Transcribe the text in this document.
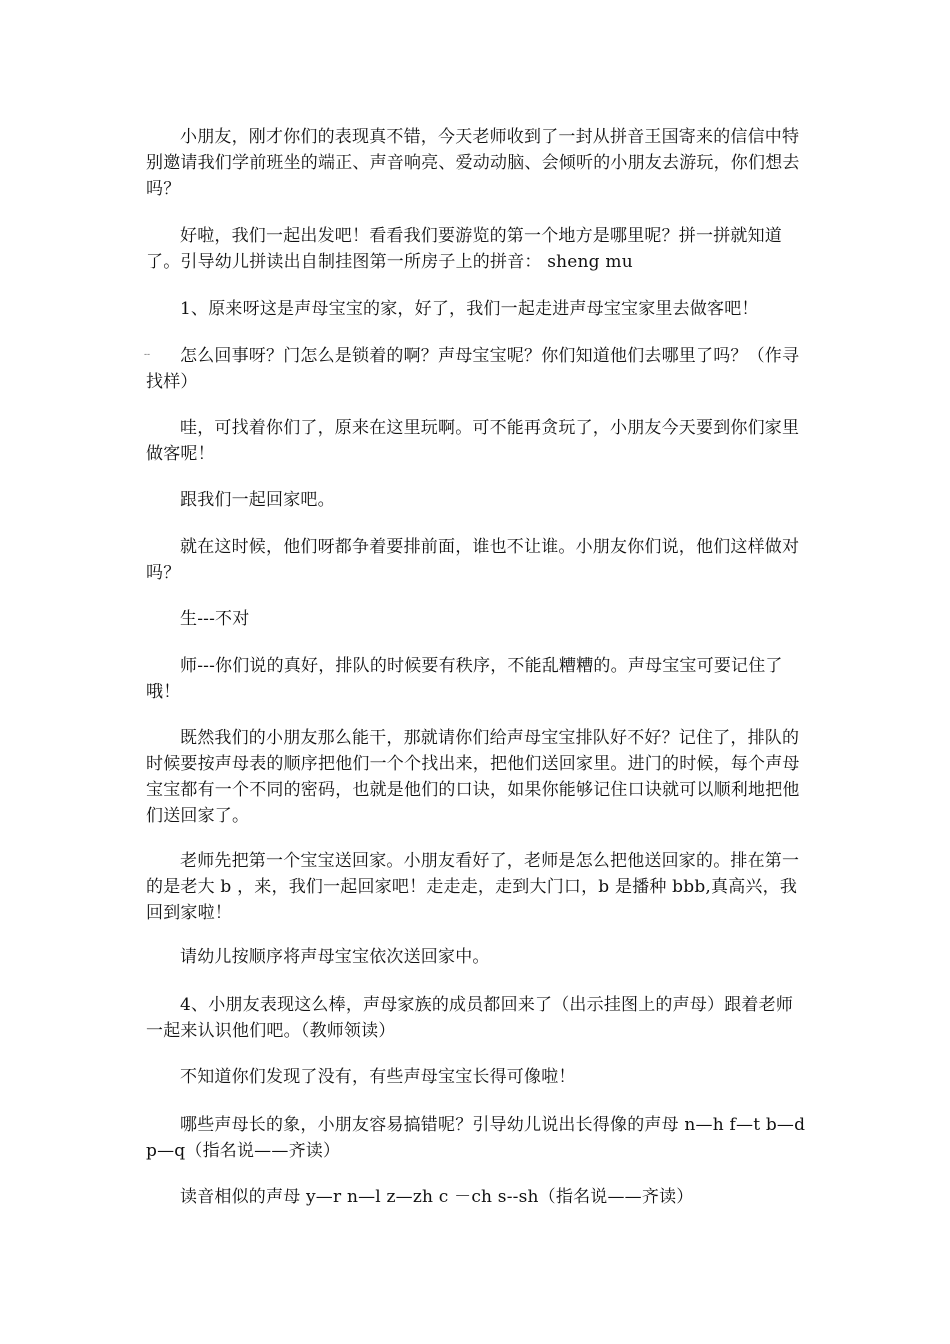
小朋友，刚才你们的表现真不错，今天老师收到了一封从拼音王国寄来的信信中特别邀请我们学前班坐的端正、声音响亮、爱动动脑、会倾听的小朋友去游玩，你们想去吗？

好啦，我们一起出发吧！看看我们要游览的第一个地方是哪里呢？拼一拼就知道了。引导幼儿拼读出自制挂图第一所房子上的拼音： sheng mu

1、原来呀这是声母宝宝的家，好了，我们一起走进声母宝宝家里去做客吧！

--	怎么回事呀？门怎么是锁着的啊？声母宝宝呢？你们知道他们去哪里了吗？（作寻找样）

哇，可找着你们了，原来在这里玩啊。可不能再贪玩了，小朋友今天要到你们家里做客呢！

跟我们一起回家吧。

就在这时候，他们呀都争着要排前面，谁也不让谁。小朋友你们说，他们这样做对吗？

生---不对

师---你们说的真好，排队的时候要有秩序，不能乱糟糟的。声母宝宝可要记住了哦！

既然我们的小朋友那么能干，那就请你们给声母宝宝排队好不好？记住了，排队的时候要按声母表的顺序把他们一个个找出来，把他们送回家里。进门的时候，每个声母宝宝都有一个不同的密码，也就是他们的口诀，如果你能够记住口诀就可以顺利地把他们送回家了。

老师先把第一个宝宝送回家。小朋友看好了，老师是怎么把他送回家的。排在第一的是老大 b ，来，我们一起回家吧！走走走，走到大门口，b 是播种 bbb,真高兴，我回到家啦！

请幼儿按顺序将声母宝宝依次送回家中。

4、小朋友表现这么棒，声母家族的成员都回来了（出示挂图上的声母）跟着老师一起来认识他们吧。（教师领读）

不知道你们发现了没有，有些声母宝宝长得可像啦！

哪些声母长的象，小朋友容易搞错呢？引导幼儿说出长得像的声母 n—h f—t b—d p—q（指名说——齐读）

读音相似的声母 y—r n—l z—zh c －ch s--sh（指名说——齐读）
